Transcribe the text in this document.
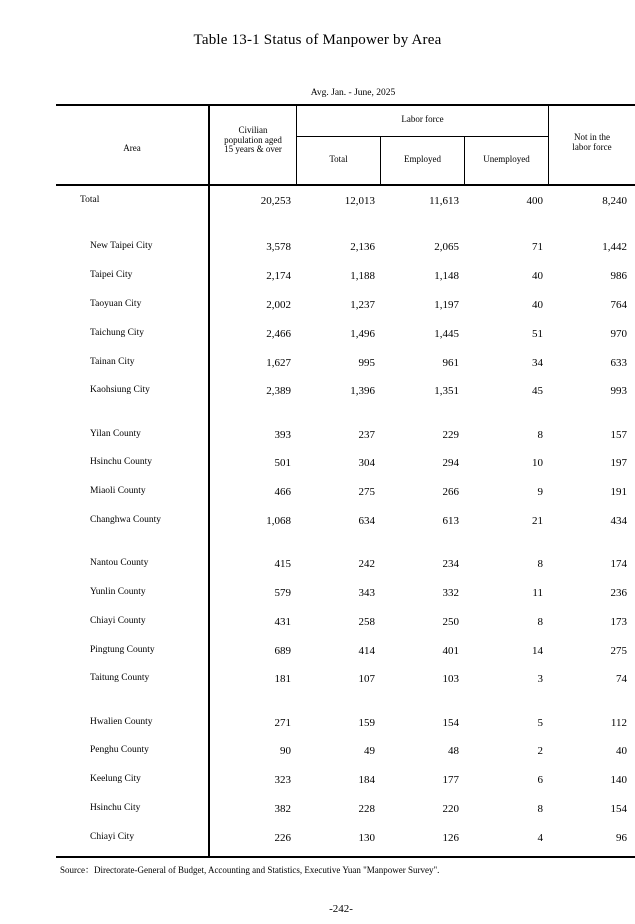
Table 13-1 Status of Manpower by Area
Avg. Jan. - June, 2025
Area
Civilian
population aged
15 years & over
Labor force
Total	Employed	Unemployed
Not in the
labor force
Total	20,253	12,013	11,613	400	8,240
New Taipei City	3,578	2,136	2,065	71	1,442
Taipei City	2,174	1,188	1,148	40	986
Taoyuan City	2,002	1,237	1,197	40	764
Taichung City	2,466	1,496	1,445	51	970
Tainan City	1,627	995	961	34	633
Kaohsiung City	2,389	1,396	1,351	45	993
Yilan County	393	237	229	8	157
Hsinchu County	501	304	294	10	197
Miaoli County	466	275	266	9	191
Changhwa County	1,068	634	613	21	434
Nantou County	415	242	234	8	174
Yunlin County	579	343	332	11	236
Chiayi County	431	258	250	8	173
Pingtung County	689	414	401	14	275
Taitung County	181	107	103	3	74
Hwalien County	271	159	154	5	112
Penghu County	90	49	48	2	40
Keelung City	323	184	177	6	140
Hsinchu City	382	228	220	8	154
Chiayi City	226	130	126	4	96
Source：Directorate-General of Budget, Accounting and Statistics, Executive Yuan "Manpower Survey".
-242-
